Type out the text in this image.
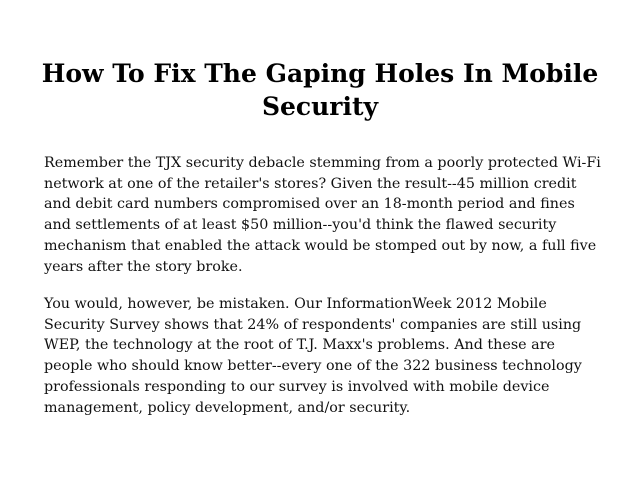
How To Fix The Gaping Holes In Mobile Security

Remember the TJX security debacle stemming from a poorly protected Wi-Fi network at one of the retailer's stores? Given the result--45 million credit and debit card numbers compromised over an 18-month period and fines and settlements of at least $50 million--you'd think the flawed security mechanism that enabled the attack would be stomped out by now, a full five years after the story broke.

You would, however, be mistaken. Our InformationWeek 2012 Mobile Security Survey shows that 24% of respondents' companies are still using WEP, the technology at the root of T.J. Maxx's problems. And these are people who should know better--every one of the 322 business technology professionals responding to our survey is involved with mobile device management, policy development, and/or security.
